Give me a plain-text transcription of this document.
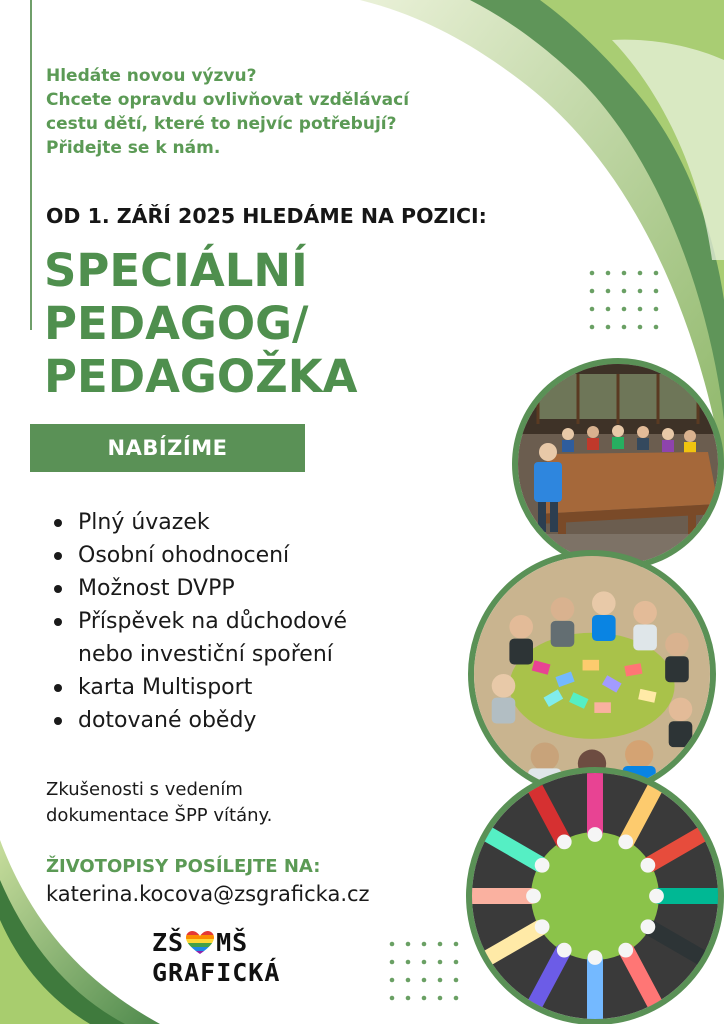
Hledáte novou výzvu?
Chcete opravdu ovlivňovat vzdělávací
cestu dětí, které to nejvíc potřebují?
Přidejte se k nám.
OD 1. ZÁŘÍ 2025 HLEDÁME NA POZICI:
SPECIÁLNÍ
PEDAGOG/
PEDAGOŽKA
NABÍZÍME
Plný úvazek
Osobní ohodnocení
Možnost DVPP
Příspěvek na důchodové
nebo investiční spoření
karta Multisport
dotované obědy
Zkušenosti s vedením
dokumentace ŠPP vítány.
ŽIVOTOPISY POSÍLEJTE NA:
katerina.kocova@zsgraficka.cz
ZŠ MŠ
GRAFICKÁ
